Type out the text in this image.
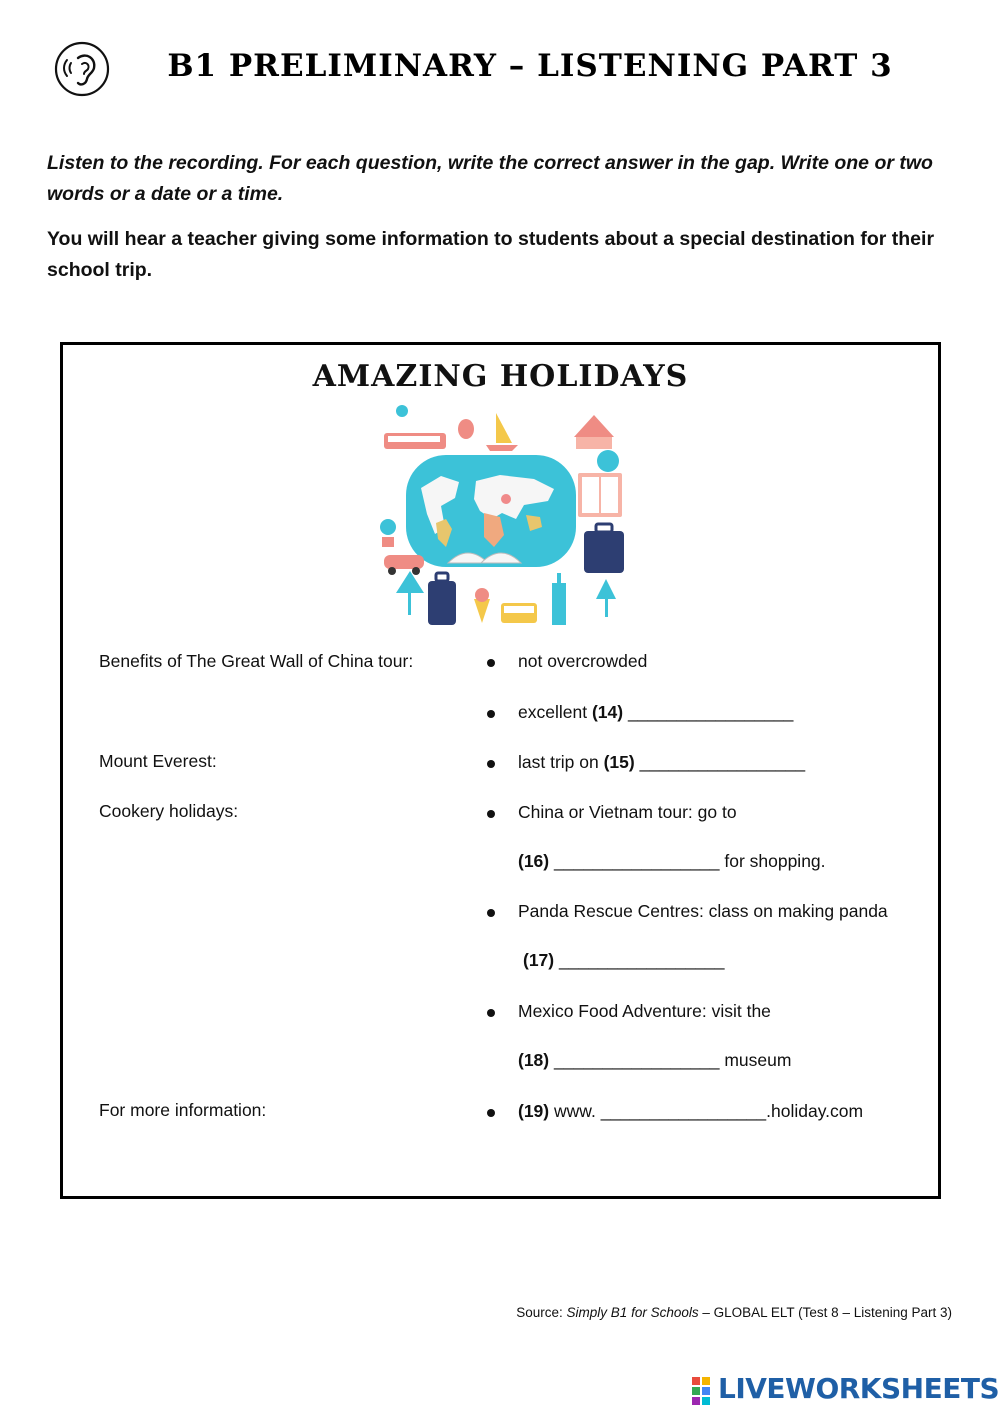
B1 PRELIMINARY – LISTENING PART 3
Listen to the recording. For each question, write the correct answer in the gap. Write one or two words or a date or a time.
You will hear a teacher giving some information to students about a special destination for their school trip.
AMAZING HOLIDAYS
Benefits of The Great Wall of China tour:	not overcrowded
excellent (14) _________________
Mount Everest:	last trip on (15) _________________
Cookery holidays:	China or Vietnam tour: go to
(16) _________________ for shopping.
Panda Rescue Centres: class on making panda
(17) _________________
Mexico Food Adventure: visit the
(18) _________________ museum
For more information:	(19) www. _________________.holiday.com
Source: Simply B1 for Schools – GLOBAL ELT (Test 8 – Listening Part 3)
LIVEWORKSHEETS
